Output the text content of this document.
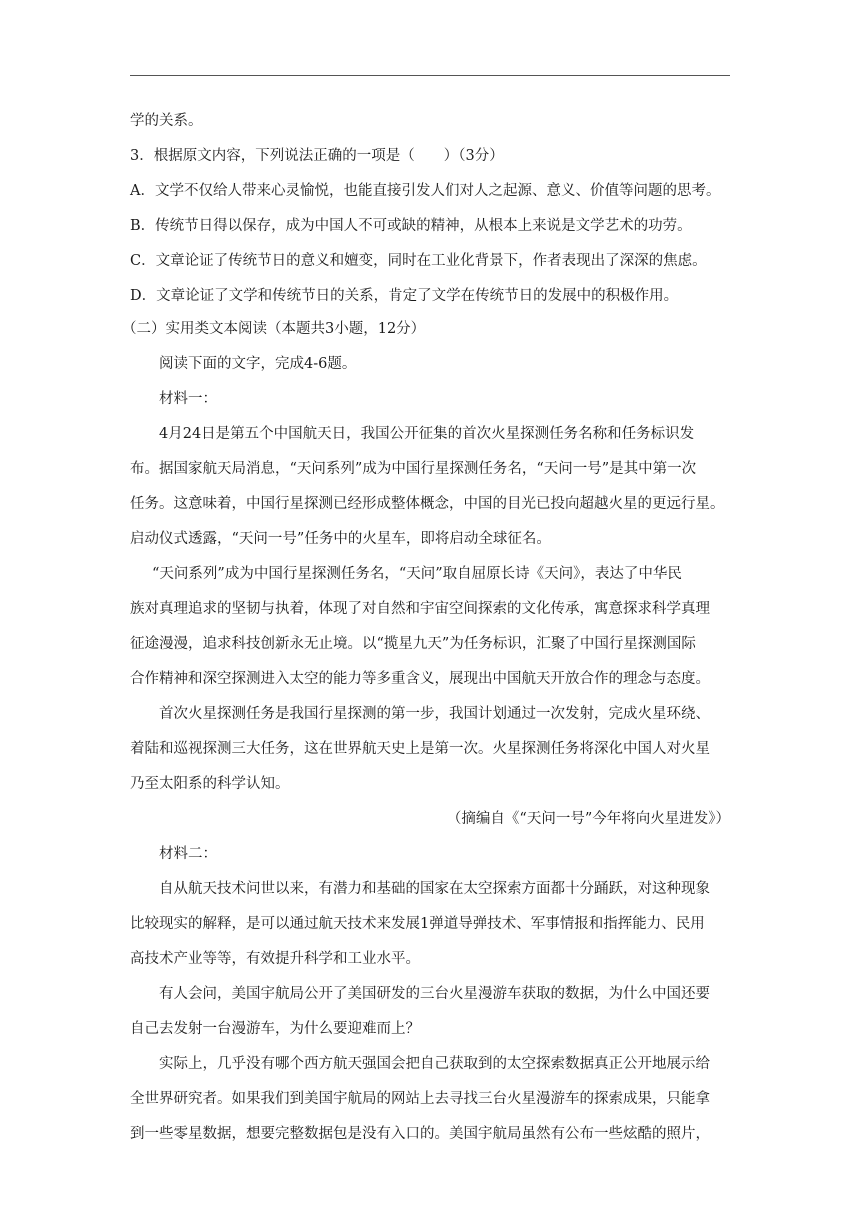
学的关系。
3．根据原文内容，下列说法正确的一项是（　　）（3分）
A．文学不仅给人带来心灵愉悦，也能直接引发人们对人之起源、意义、价值等问题的思考。
B．传统节日得以保存，成为中国人不可或缺的精神，从根本上来说是文学艺术的功劳。
C．文章论证了传统节日的意义和嬗变，同时在工业化背景下，作者表现出了深深的焦虑。
D．文章论证了文学和传统节日的关系，肯定了文学在传统节日的发展中的积极作用。
（二）实用类文本阅读（本题共3小题，12分）
阅读下面的文字，完成4-6题。
材料一：
4月24日是第五个中国航天日，我国公开征集的首次火星探测任务名称和任务标识发
布。据国家航天局消息，“天问系列”成为中国行星探测任务名，“天问一号”是其中第一次
任务。这意味着，中国行星探测已经形成整体概念，中国的目光已投向超越火星的更远行星。
启动仪式透露，“天问一号”任务中的火星车，即将启动全球征名。
“天问系列”成为中国行星探测任务名，“天问”取自屈原长诗《天问》，表达了中华民
族对真理追求的坚韧与执着，体现了对自然和宇宙空间探索的文化传承，寓意探求科学真理
征途漫漫，追求科技创新永无止境。以“揽星九天”为任务标识，汇聚了中国行星探测国际
合作精神和深空探测进入太空的能力等多重含义，展现出中国航天开放合作的理念与态度。
首次火星探测任务是我国行星探测的第一步，我国计划通过一次发射，完成火星环绕、
着陆和巡视探测三大任务，这在世界航天史上是第一次。火星探测任务将深化中国人对火星
乃至太阳系的科学认知。
（摘编自《“天问一号”今年将向火星进发》）
材料二：
自从航天技术问世以来，有潜力和基础的国家在太空探索方面都十分踊跃，对这种现象
比较现实的解释，是可以通过航天技术来发展1弹道导弹技术、军事情报和指挥能力、民用
高技术产业等等，有效提升科学和工业水平。
有人会问，美国宇航局公开了美国研发的三台火星漫游车获取的数据，为什么中国还要
自己去发射一台漫游车，为什么要迎难而上？
实际上，几乎没有哪个西方航天强国会把自己获取到的太空探索数据真正公开地展示给
全世界研究者。如果我们到美国宇航局的网站上去寻找三台火星漫游车的探索成果，只能拿
到一些零星数据，想要完整数据包是没有入口的。美国宇航局虽然有公布一些炫酷的照片，
